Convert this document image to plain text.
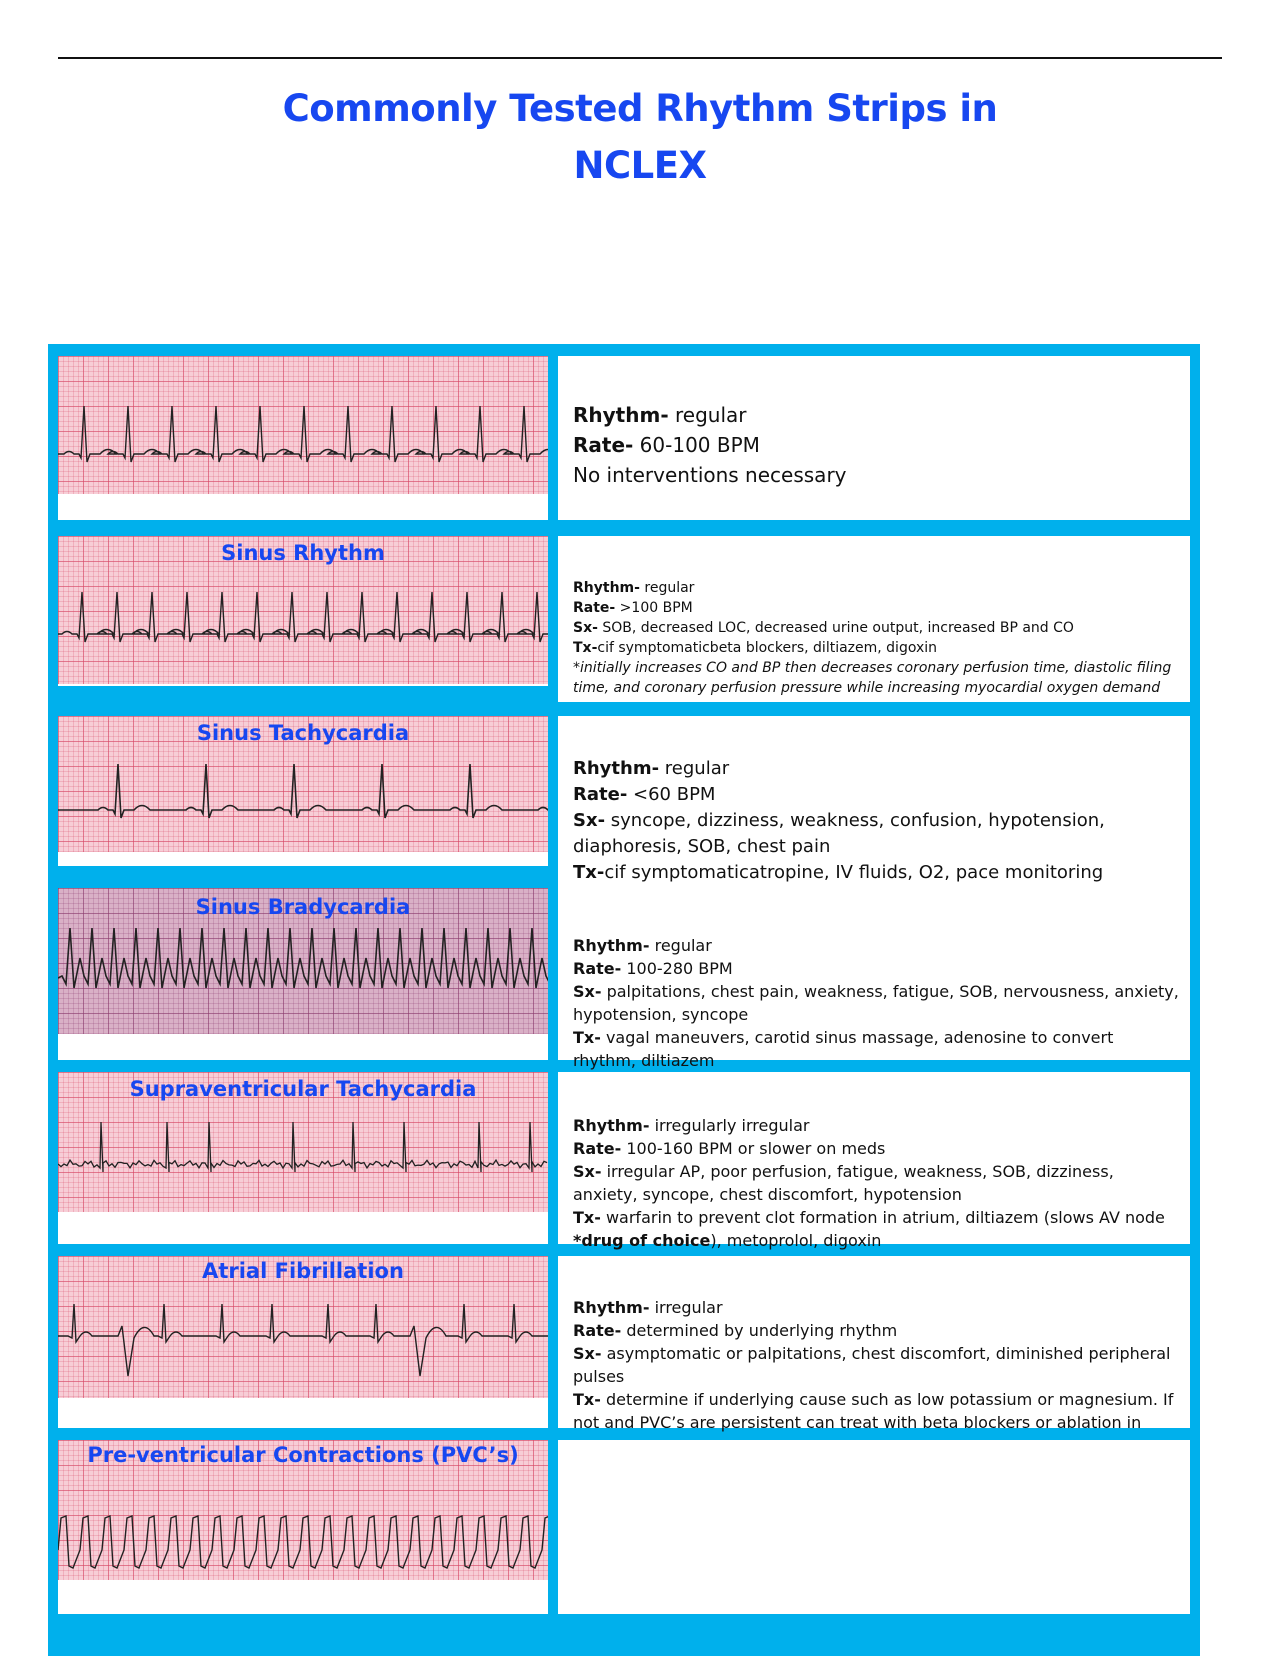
Commonly Tested Rhythm Strips in
NCLEX

Rhythm- regular

Rate- 60-100 BPM

No interventions necessary

Sinus Rhythm

Rhythm- regular

Rate- >100 BPM

Sx- SOB, decreased LOC, decreased urine output, increased BP and CO

Tx-cif symptomaticbeta blockers, diltiazem, digoxin

*initially increases CO and BP then decreases coronary perfusion time, diastolic filing time, and coronary perfusion pressure while increasing myocardial oxygen demand

Sinus Tachycardia

Rhythm- regular

Rate- <60 BPM

Sx- syncope, dizziness, weakness, confusion, hypotension, diaphoresis, SOB, chest pain

Tx-cif symptomaticatropine, IV fluids, O2, pace monitoring

Sinus Bradycardia

Rhythm- regular

Rate- 100-280 BPM

Sx- palpitations, chest pain, weakness, fatigue, SOB, nervousness, anxiety, hypotension, syncope

Tx- vagal maneuvers, carotid sinus massage, adenosine to convert rhythm, diltiazem

Supraventricular Tachycardia

Rhythm- irregularly irregular

Rate- 100-160 BPM or slower on meds

Sx- irregular AP, poor perfusion, fatigue, weakness, SOB, dizziness, anxiety, syncope, chest discomfort, hypotension

Tx- warfarin to prevent clot formation in atrium, diltiazem (slows AV node *drug of choice), metoprolol, digoxin

Atrial Fibrillation

Rhythm- irregular

Rate- determined by underlying rhythm

Sx- asymptomatic or palpitations, chest discomfort, diminished peripheral pulses

Tx- determine if underlying cause such as low potassium or magnesium. If not and PVC’s are persistent can treat with beta blockers or ablation in

Pre-ventricular Contractions (PVC’s)
